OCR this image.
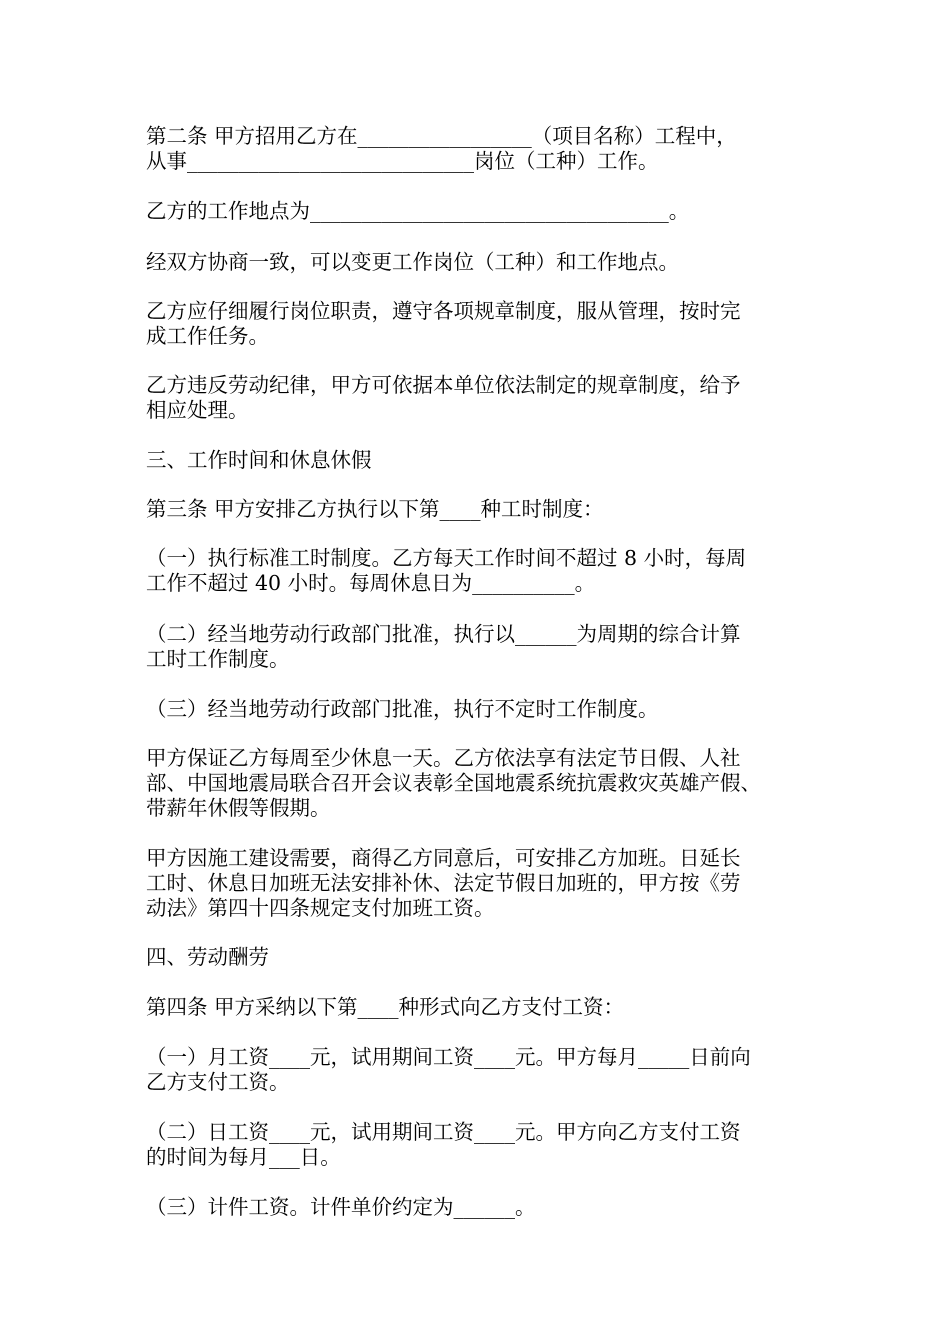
第二条 甲方招用乙方在_________________（项目名称）工程中，
从事____________________________岗位（工种）工作。

乙方的工作地点为___________________________________。

经双方协商一致，可以变更工作岗位（工种）和工作地点。

乙方应仔细履行岗位职责，遵守各项规章制度，服从管理，按时完
成工作任务。

乙方违反劳动纪律，甲方可依据本单位依法制定的规章制度，给予
相应处理。

三、工作时间和休息休假

第三条 甲方安排乙方执行以下第____种工时制度：

（一）执行标准工时制度。乙方每天工作时间不超过 8 小时，每周
工作不超过 40 小时。每周休息日为__________。

（二）经当地劳动行政部门批准，执行以______为周期的综合计算
工时工作制度。

（三）经当地劳动行政部门批准，执行不定时工作制度。

甲方保证乙方每周至少休息一天。乙方依法享有法定节日假、人社
部、中国地震局联合召开会议表彰全国地震系统抗震救灾英雄产假、
带薪年休假等假期。

甲方因施工建设需要，商得乙方同意后，可安排乙方加班。日延长
工时、休息日加班无法安排补休、法定节假日加班的，甲方按《劳
动法》第四十四条规定支付加班工资。

四、劳动酬劳

第四条 甲方采纳以下第____种形式向乙方支付工资：

（一）月工资____元，试用期间工资____元。甲方每月_____日前向
乙方支付工资。

（二）日工资____元，试用期间工资____元。甲方向乙方支付工资
的时间为每月___日。

（三）计件工资。计件单价约定为______。
